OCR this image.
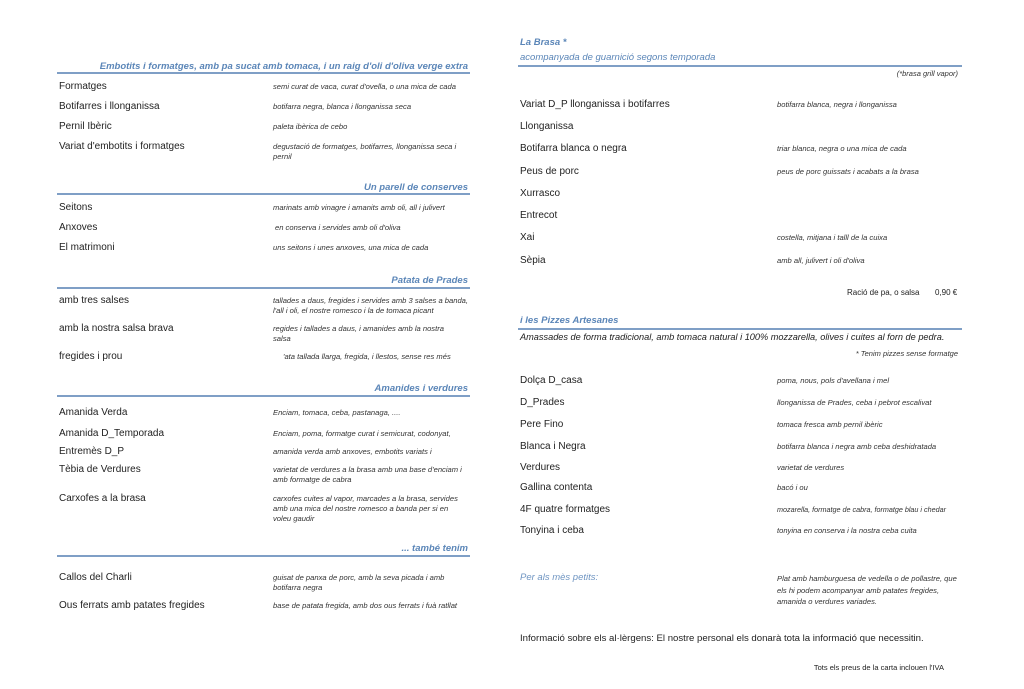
Embotits i formatges, amb pa sucat amb tomaca, i un raig d'oli d'oliva verge extra
Formatges	semi curat de vaca, curat d'ovella, o una mica de cada
Botifarres i llonganissa	botifarra negra, blanca i llonganissa seca
Pernil Ibèric	paleta ibèrica de cebo
Variat d'embotits i formatges	degustació de formatges, botifarres, llonganissa seca i pernil
Un parell de conserves
Seitons	marinats amb vinagre i amanits amb oli, all i julivert
Anxoves	en conserva i servides amb oli d'oliva
El matrimoni	uns seitons i unes anxoves, una mica de cada
Patata de Prades
amb tres salses	tallades a daus, fregides i servides amb 3 salses a banda, l'all i oli, el nostre romesco i la de tomaca picant
amb la nostra salsa brava	regides i tallades a daus, i amanides amb la nostra salsa
fregides i prou	'ata tallada llarga, fregida, i llestos, sense res més
Amanides i verdures
Amanida Verda	Enciam, tomaca, ceba, pastanaga, ....
Amanida D_Temporada	Enciam, poma, formatge curat i semicurat, codonyat,
Entremès D_P	amanida verda amb anxoves, embotits variats i
Tèbia de Verdures	varietat de verdures a la brasa amb una base d'enciam i amb formatge de cabra
Carxofes a la brasa	carxofes cuites al vapor, marcades a la brasa, servides amb una mica del nostre romesco a banda per si en voleu gaudir
... també tenim
Callos del Charli	guisat de panxa de porc, amb la seva picada i amb botifarra negra
Ous ferrats amb patates fregides	base de patata fregida, amb dos ous ferrats i fuà ratllat
La Brasa *
acompanyada de guarnició segons temporada
(*brasa grill vapor)
Variat D_P llonganissa i botifarres	botifarra blanca, negra i llonganissa
Llonganissa
Botifarra blanca o negra	triar blanca, negra o una mica de cada
Peus de porc	peus de porc guissats i acabats a la brasa
Xurrasco
Entrecot
Xai	costella, mitjana i talll de la cuixa
Sèpia	amb all, julivert i oli d'oliva
Ració de pa, o salsa 0,90 €
i les Pizzes Artesanes
Amassades de forma tradicional, amb tomaca natural i 100% mozzarella, olives i cuites al forn de pedra.
* Tenim pizzes sense formatge
Dolça D_casa	poma, nous, pols d'avellana i mel
D_Prades	llonganissa de Prades, ceba i pebrot escalivat
Pere Fino	tomaca fresca amb pernil ibèric
Blanca i Negra	botifarra blanca i negra amb ceba deshidratada
Verdures	varietat de verdures
Gallina contenta	bacó i ou
4F quatre formatges	mozarella, formatge de cabra, formatge blau i chedar
Tonyina i ceba	tonyina en conserva i la nostra ceba cuita
Per als mès petits:	Plat amb hamburguesa de vedella o de pollastre, que els hi podem acompanyar amb patates fregides, amanida o verdures variades.
Informació sobre els al·lèrgens: El nostre personal els donarà tota la informació que necessitin.
Tots els preus de la carta inclouen l'IVA
